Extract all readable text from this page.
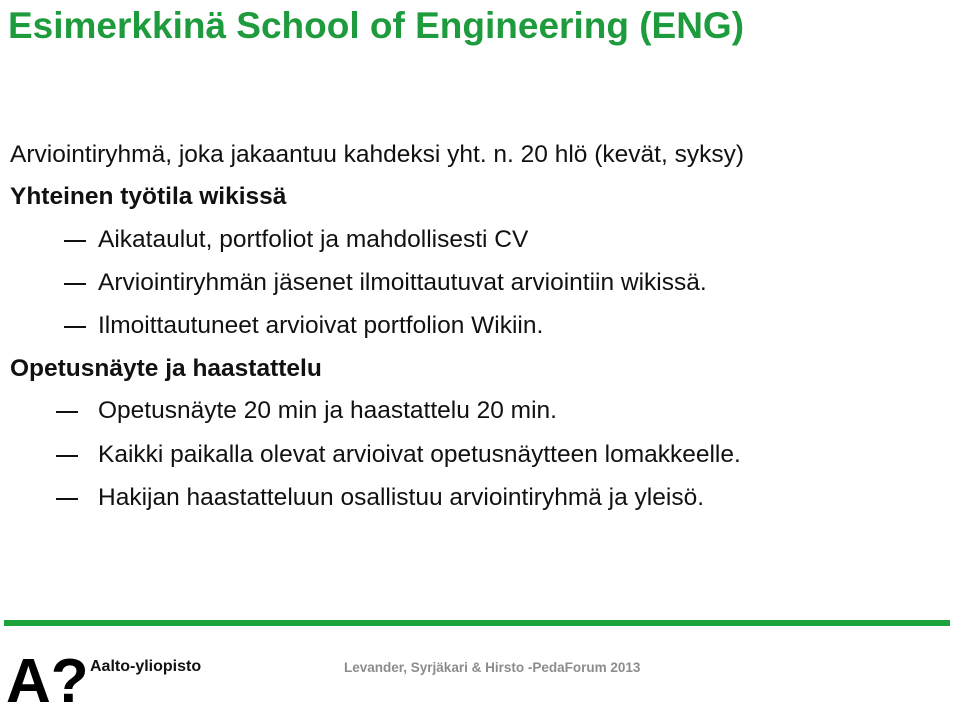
Esimerkkinä School of Engineering (ENG)
Arviointiryhmä, joka jakaantuu kahdeksi yht. n. 20 hlö (kevät, syksy)
Yhteinen työtila wikissä
Aikataulut, portfoliot ja mahdollisesti CV
Arviointiryhmän jäsenet ilmoittautuvat arviointiin wikissä.
Ilmoittautuneet arvioivat portfolion Wikiin.
Opetusnäyte ja haastattelu
Opetusnäyte 20 min ja haastattelu 20 min.
Kaikki paikalla olevat arvioivat opetusnäytteen lomakkeelle.
Hakijan haastatteluun osallistuu arviointiryhmä ja yleisö.
A? Aalto-yliopisto	Levander, Syrjäkari & Hirsto -PedaForum 2013
